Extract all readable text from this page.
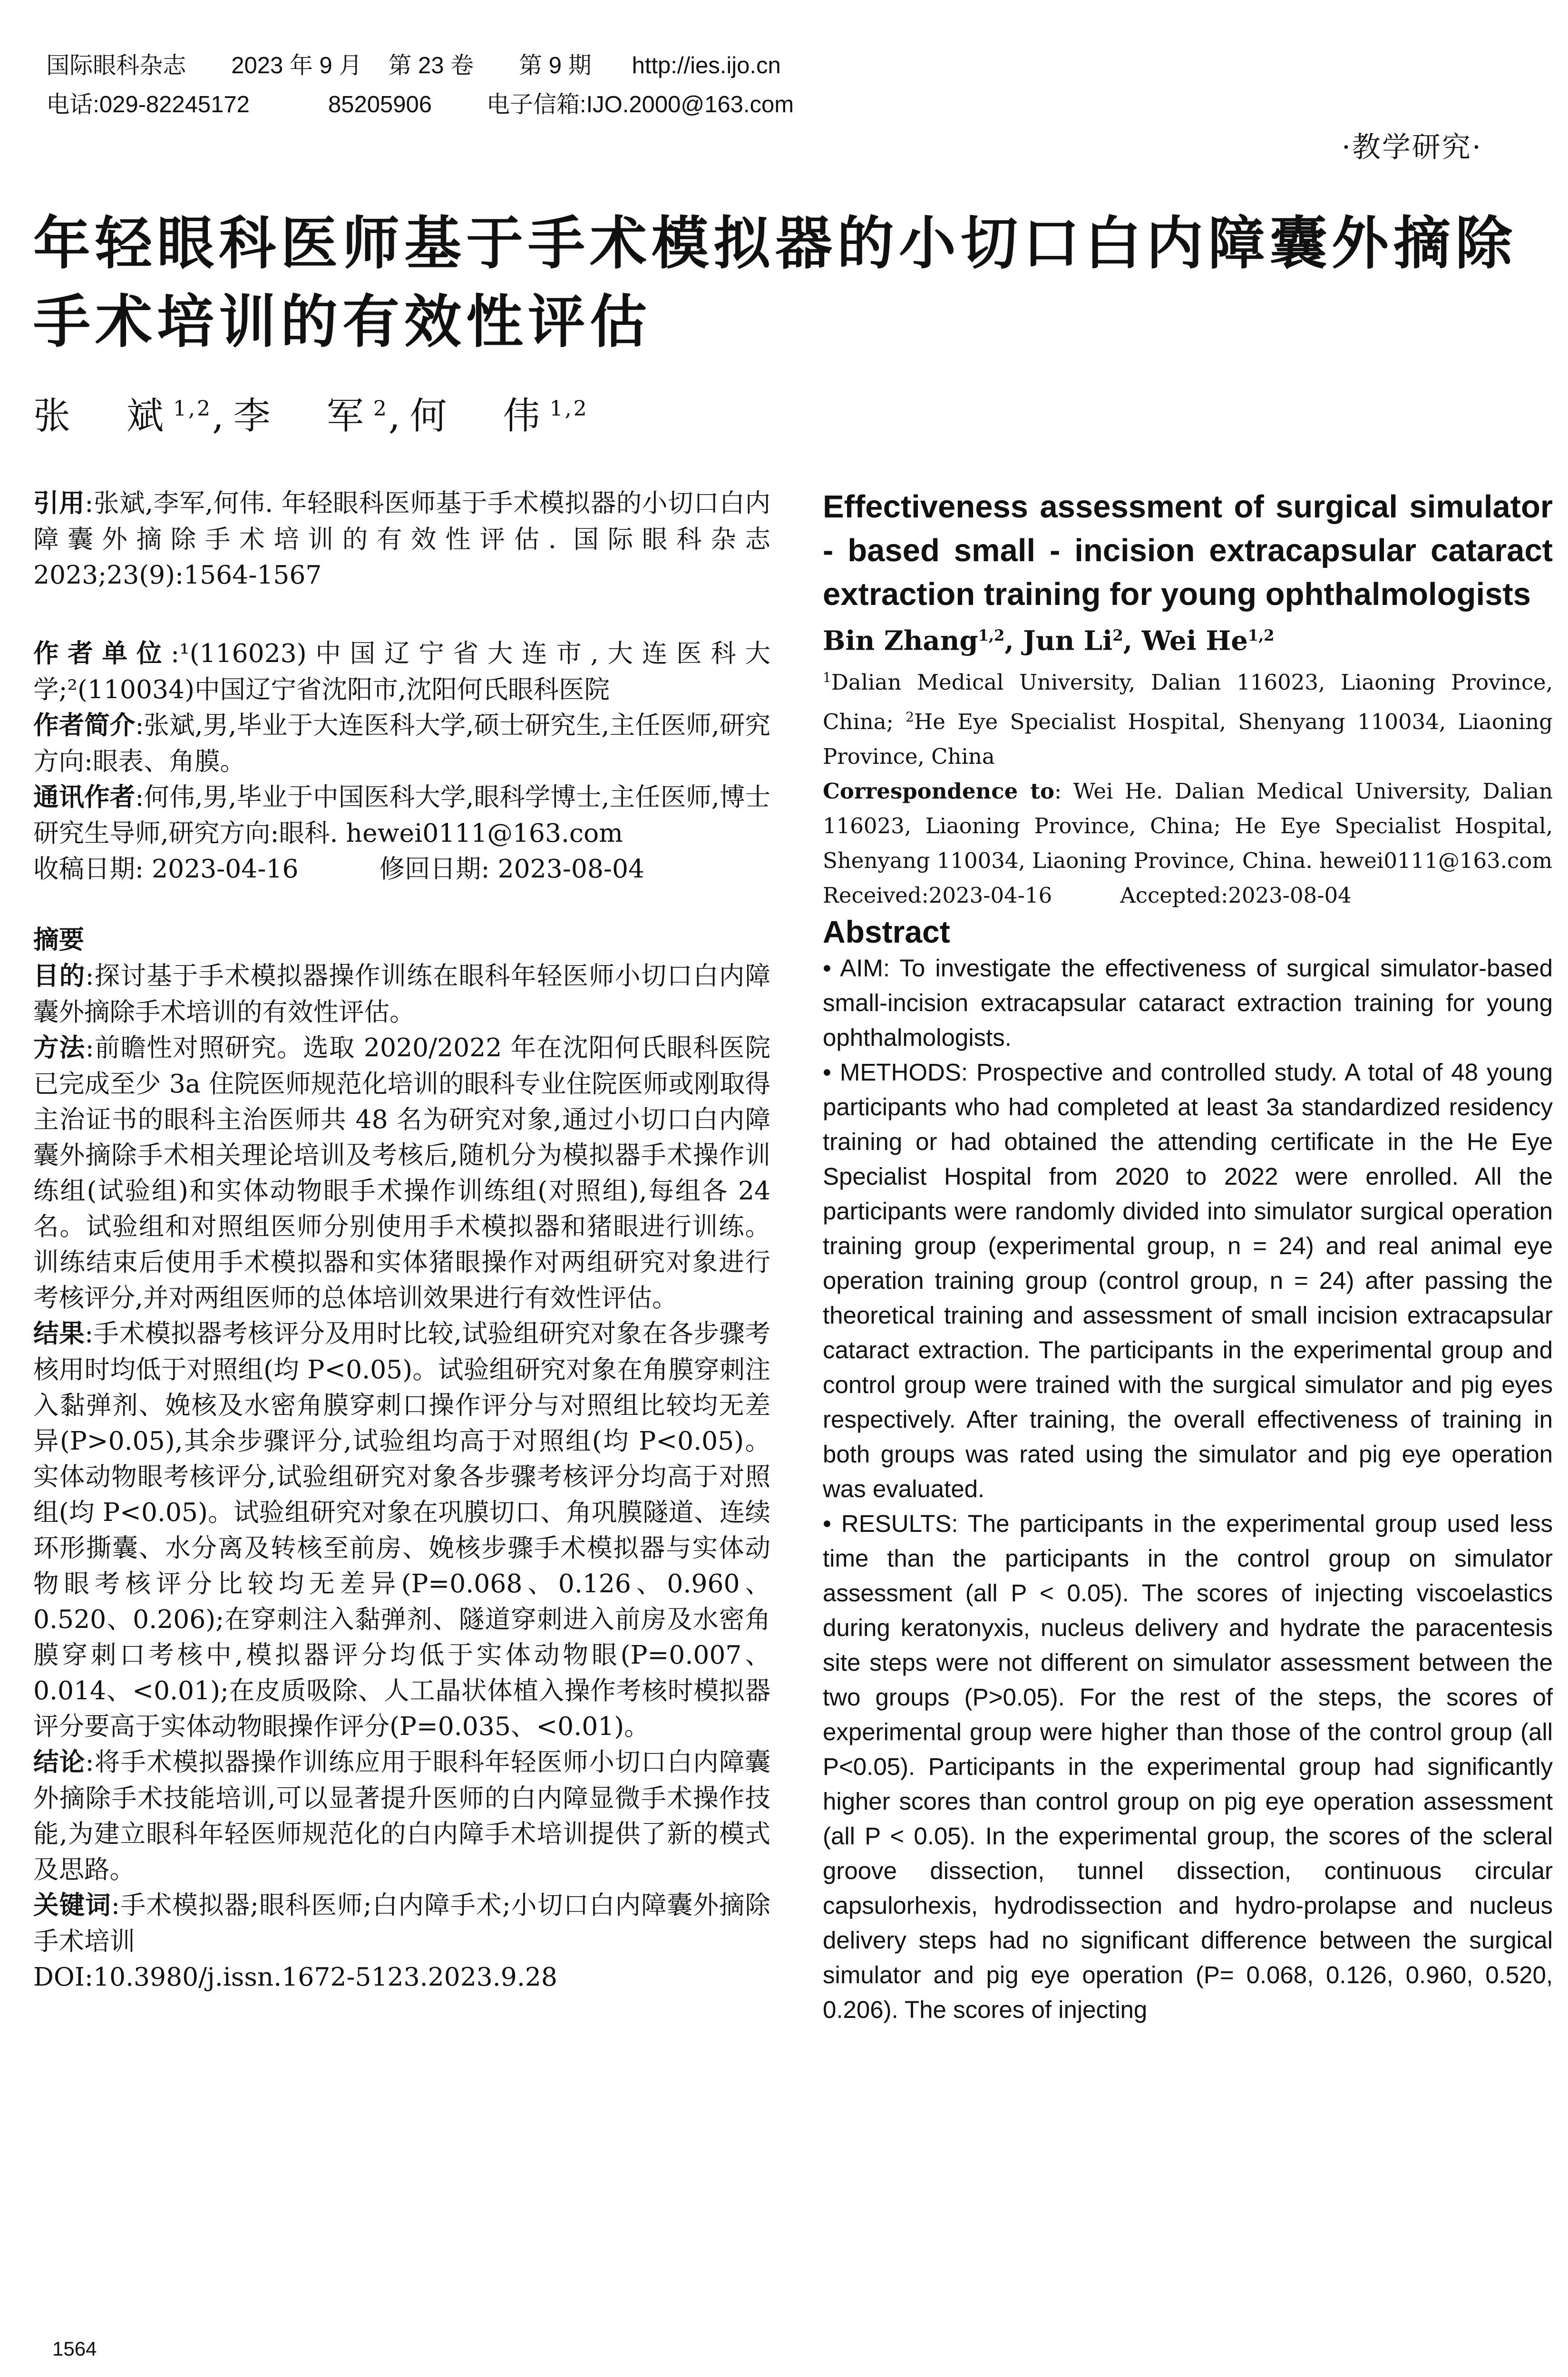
国际眼科杂志 2023 年 9 月 第 23 卷 第 9 期 http://ies.ijo.cn

电话:029-82245172	85205906 电子信箱:IJO.2000@163.com

·教学研究·
年轻眼科医师基于手术模拟器的小切口白内障囊外摘除手术培训的有效性评估
张　斌$^{1,2}$,李　军$^2$,何　伟$^{1,2}$

引用:张斌,李军,何伟. 年轻眼科医师基于手术模拟器的小切口白内障囊外摘除手术培训的有效性评估. 国际眼科杂志 2023;23(9):1564-1567

作者单位:¹(116023)中国辽宁省大连市,大连医科大学;²(110034)中国辽宁省沈阳市,沈阳何氏眼科医院

作者简介:张斌,男,毕业于大连医科大学,硕士研究生,主任医师,研究方向:眼表、角膜。

通讯作者:何伟,男,毕业于中国医科大学,眼科学博士,主任医师,博士研究生导师,研究方向:眼科. hewei0111@163.com

收稿日期: 2023-04-16	修回日期: 2023-08-04

摘要

目的:探讨基于手术模拟器操作训练在眼科年轻医师小切口白内障囊外摘除手术培训的有效性评估。

方法:前瞻性对照研究。选取 2020/2022 年在沈阳何氏眼科医院已完成至少 3a 住院医师规范化培训的眼科专业住院医师或刚取得主治证书的眼科主治医师共 48 名为研究对象,通过小切口白内障囊外摘除手术相关理论培训及考核后,随机分为模拟器手术操作训练组(试验组)和实体动物眼手术操作训练组(对照组),每组各 24 名。试验组和对照组医师分别使用手术模拟器和猪眼进行训练。训练结束后使用手术模拟器和实体猪眼操作对两组研究对象进行考核评分,并对两组医师的总体培训效果进行有效性评估。

结果:手术模拟器考核评分及用时比较,试验组研究对象在各步骤考核用时均低于对照组(均 P<0.05)。试验组研究对象在角膜穿刺注入黏弹剂、娩核及水密角膜穿刺口操作评分与对照组比较均无差异(P>0.05),其余步骤评分,试验组均高于对照组(均 P<0.05)。实体动物眼考核评分,试验组研究对象各步骤考核评分均高于对照组(均 P<0.05)。试验组研究对象在巩膜切口、角巩膜隧道、连续环形撕囊、水分离及转核至前房、娩核步骤手术模拟器与实体动物眼考核评分比较均无差异(P=0.068、0.126、0.960、0.520、0.206);在穿刺注入黏弹剂、隧道穿刺进入前房及水密角膜穿刺口考核中,模拟器评分均低于实体动物眼(P=0.007、0.014、<0.01);在皮质吸除、人工晶状体植入操作考核时模拟器评分要高于实体动物眼操作评分(P=0.035、<0.01)。

结论:将手术模拟器操作训练应用于眼科年轻医师小切口白内障囊外摘除手术技能培训,可以显著提升医师的白内障显微手术操作技能,为建立眼科年轻医师规范化的白内障手术培训提供了新的模式及思路。

关键词:手术模拟器;眼科医师;白内障手术;小切口白内障囊外摘除手术培训

DOI:10.3980/j.issn.1672-5123.2023.9.28

Effectiveness assessment of surgical simulator - based small - incision extracapsular cataract extraction training for young ophthalmologists

Bin Zhang$^{1,2}$, Jun Li$^2$, Wei He$^{1,2}$

$^1$Dalian Medical University, Dalian 116023, Liaoning Province, China; $^2$He Eye Specialist Hospital, Shenyang 110034, Liaoning Province, China

Correspondence to: Wei He. Dalian Medical University, Dalian 116023, Liaoning Province, China; He Eye Specialist Hospital, Shenyang 110034, Liaoning Province, China. hewei0111@163.com

Received:2023-04-16	Accepted:2023-08-04

Abstract

• AIM: To investigate the effectiveness of surgical simulator-based small-incision extracapsular cataract extraction training for young ophthalmologists.

• METHODS: Prospective and controlled study. A total of 48 young participants who had completed at least 3a standardized residency training or had obtained the attending certificate in the He Eye Specialist Hospital from 2020 to 2022 were enrolled. All the participants were randomly divided into simulator surgical operation training group (experimental group, n = 24) and real animal eye operation training group (control group, n = 24) after passing the theoretical training and assessment of small incision extracapsular cataract extraction. The participants in the experimental group and control group were trained with the surgical simulator and pig eyes respectively. After training, the overall effectiveness of training in both groups was rated using the simulator and pig eye operation was evaluated.

• RESULTS: The participants in the experimental group used less time than the participants in the control group on simulator assessment (all P < 0.05). The scores of injecting viscoelastics during keratonyxis, nucleus delivery and hydrate the paracentesis site steps were not different on simulator assessment between the two groups (P>0.05). For the rest of the steps, the scores of experimental group were higher than those of the control group (all P<0.05). Participants in the experimental group had significantly higher scores than control group on pig eye operation assessment (all P < 0.05). In the experimental group, the scores of the scleral groove dissection, tunnel dissection, continuous circular capsulorhexis, hydrodissection and hydro-prolapse and nucleus delivery steps had no significant difference between the surgical simulator and pig eye operation (P= 0.068, 0.126, 0.960, 0.520, 0.206). The scores of injecting

1564
